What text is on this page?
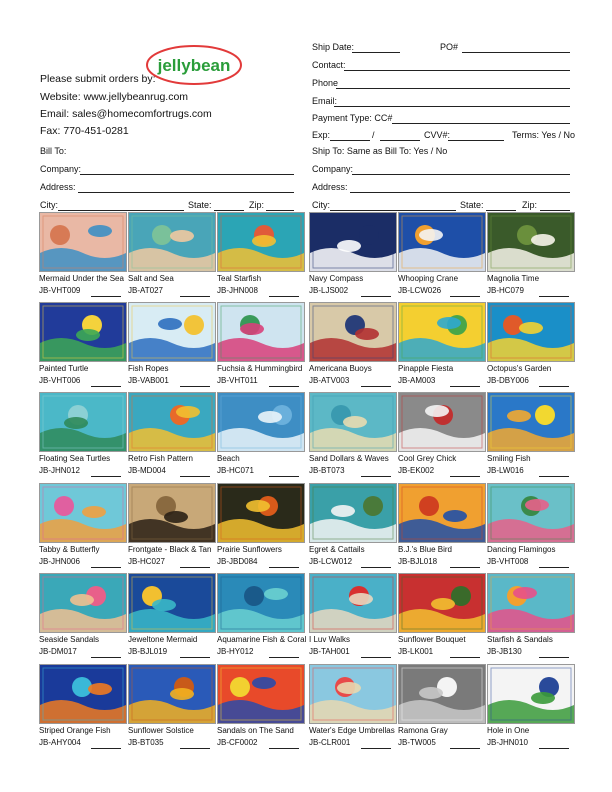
jellybean
Please submit orders by:
Website: www.jellybeanrug.com
Email: sales@homecomfortrugs.com
Fax: 770-451-0281
Bill To:
Company:
Address:
City:	State:	Zip:
Ship Date:	PO#
Contact:
Phone
Email:
Payment Type: CC#
Exp:	/	CVV#:	Terms: Yes / No
Ship To: Same as Bill To: Yes / No
Company:
Address:
City:	State:	Zip:
Mermaid Under the Sea
JB-VHT009
Salt and Sea
JB-AT027
Teal Starfish
JB-JHN008
Navy Compass
JB-LJS002
Whooping Crane
JB-LCW026
Magnolia Time
JB-HC079
Painted Turtle
JB-VHT006
Fish Ropes
JB-VAB001
Fuchsia & Hummingbird
JB-VHT011
Americana Buoys
JB-ATV003
Pinapple Fiesta
JB-AM003
Octopus's Garden
JB-DBY006
Floating Sea Turtles
JB-JHN012
Retro Fish Pattern
JB-MD004
Beach
JB-HC071
Sand Dollars & Waves
JB-BT073
Cool Grey Chick
JB-EK002
Smiling Fish
JB-LW016
Tabby & Butterfly
JB-JHN006
Frontgate - Black & Tan
JB-HC027
Prairie Sunflowers
JB-JBD084
Egret & Cattails
JB-LCW012
B.J.'s Blue Bird
JB-BJL018
Dancing Flamingos
JB-VHT008
Seaside Sandals
JB-DM017
Jeweltone Mermaid
JB-BJL019
Aquamarine Fish & Coral
JB-HY012
I Luv Walks
JB-TAH001
Sunflower Bouquet
JB-LK001
Starfish & Sandals
JB-JB130
Striped Orange Fish
JB-AHY004
Sunflower Solstice
JB-BT035
Sandals on The Sand
JB-CF0002
Water's Edge Umbrellas
JB-CLR001
Ramona Gray
JB-TW005
Hole in One
JB-JHN010
